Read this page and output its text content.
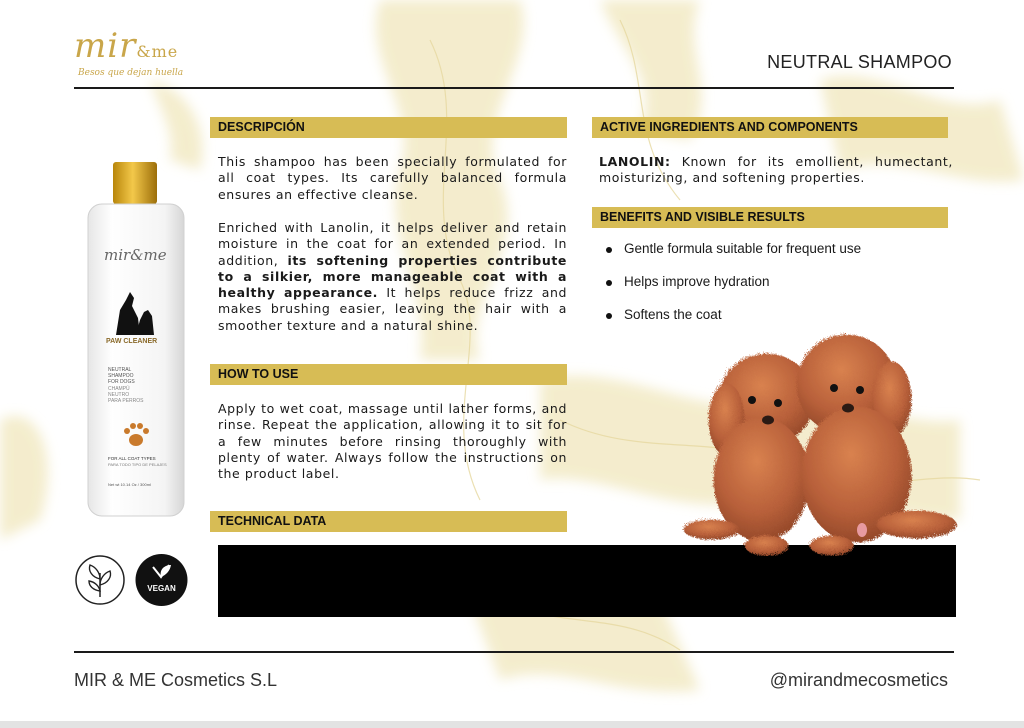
mir&me
Besos que dejan huella
NEUTRAL SHAMPOO
mir&me
PAW CLEANER
NEUTRAL
SHAMPOO
FOR DOGS
CHAMPÚ
NEUTRO
PARA PERROS
FOR ALL COAT TYPES
PARA TODO TIPO DE PELAJES
Net wt 10.14 Oz / 300ml
VEGAN
DESCRIPCIÓN
This shampoo has been specially formulated for all coat types. Its carefully balanced formula ensures an effective cleanse.
Enriched with Lanolin, it helps deliver and retain moisture in the coat for an extended period. In addition, its softening properties contribute to a silkier, more manageable coat with a healthy appearance. It helps reduce frizz and makes brushing easier, leaving the hair with a smoother texture and a natural shine.
HOW TO USE
Apply to wet coat, massage until lather forms, and rinse. Repeat the application, allowing it to sit for a few minutes before rinsing thoroughly with plenty of water. Always follow the instructions on the product label.
TECHNICAL DATA
ACTIVE INGREDIENTS AND COMPONENTS
LANOLIN: Known for its emollient, humectant, moisturizing, and softening properties.
BENEFITS AND VISIBLE RESULTS
Gentle formula suitable for frequent use
Helps improve hydration
Softens the coat
MIR & ME Cosmetics S.L	@mirandmecosmetics
